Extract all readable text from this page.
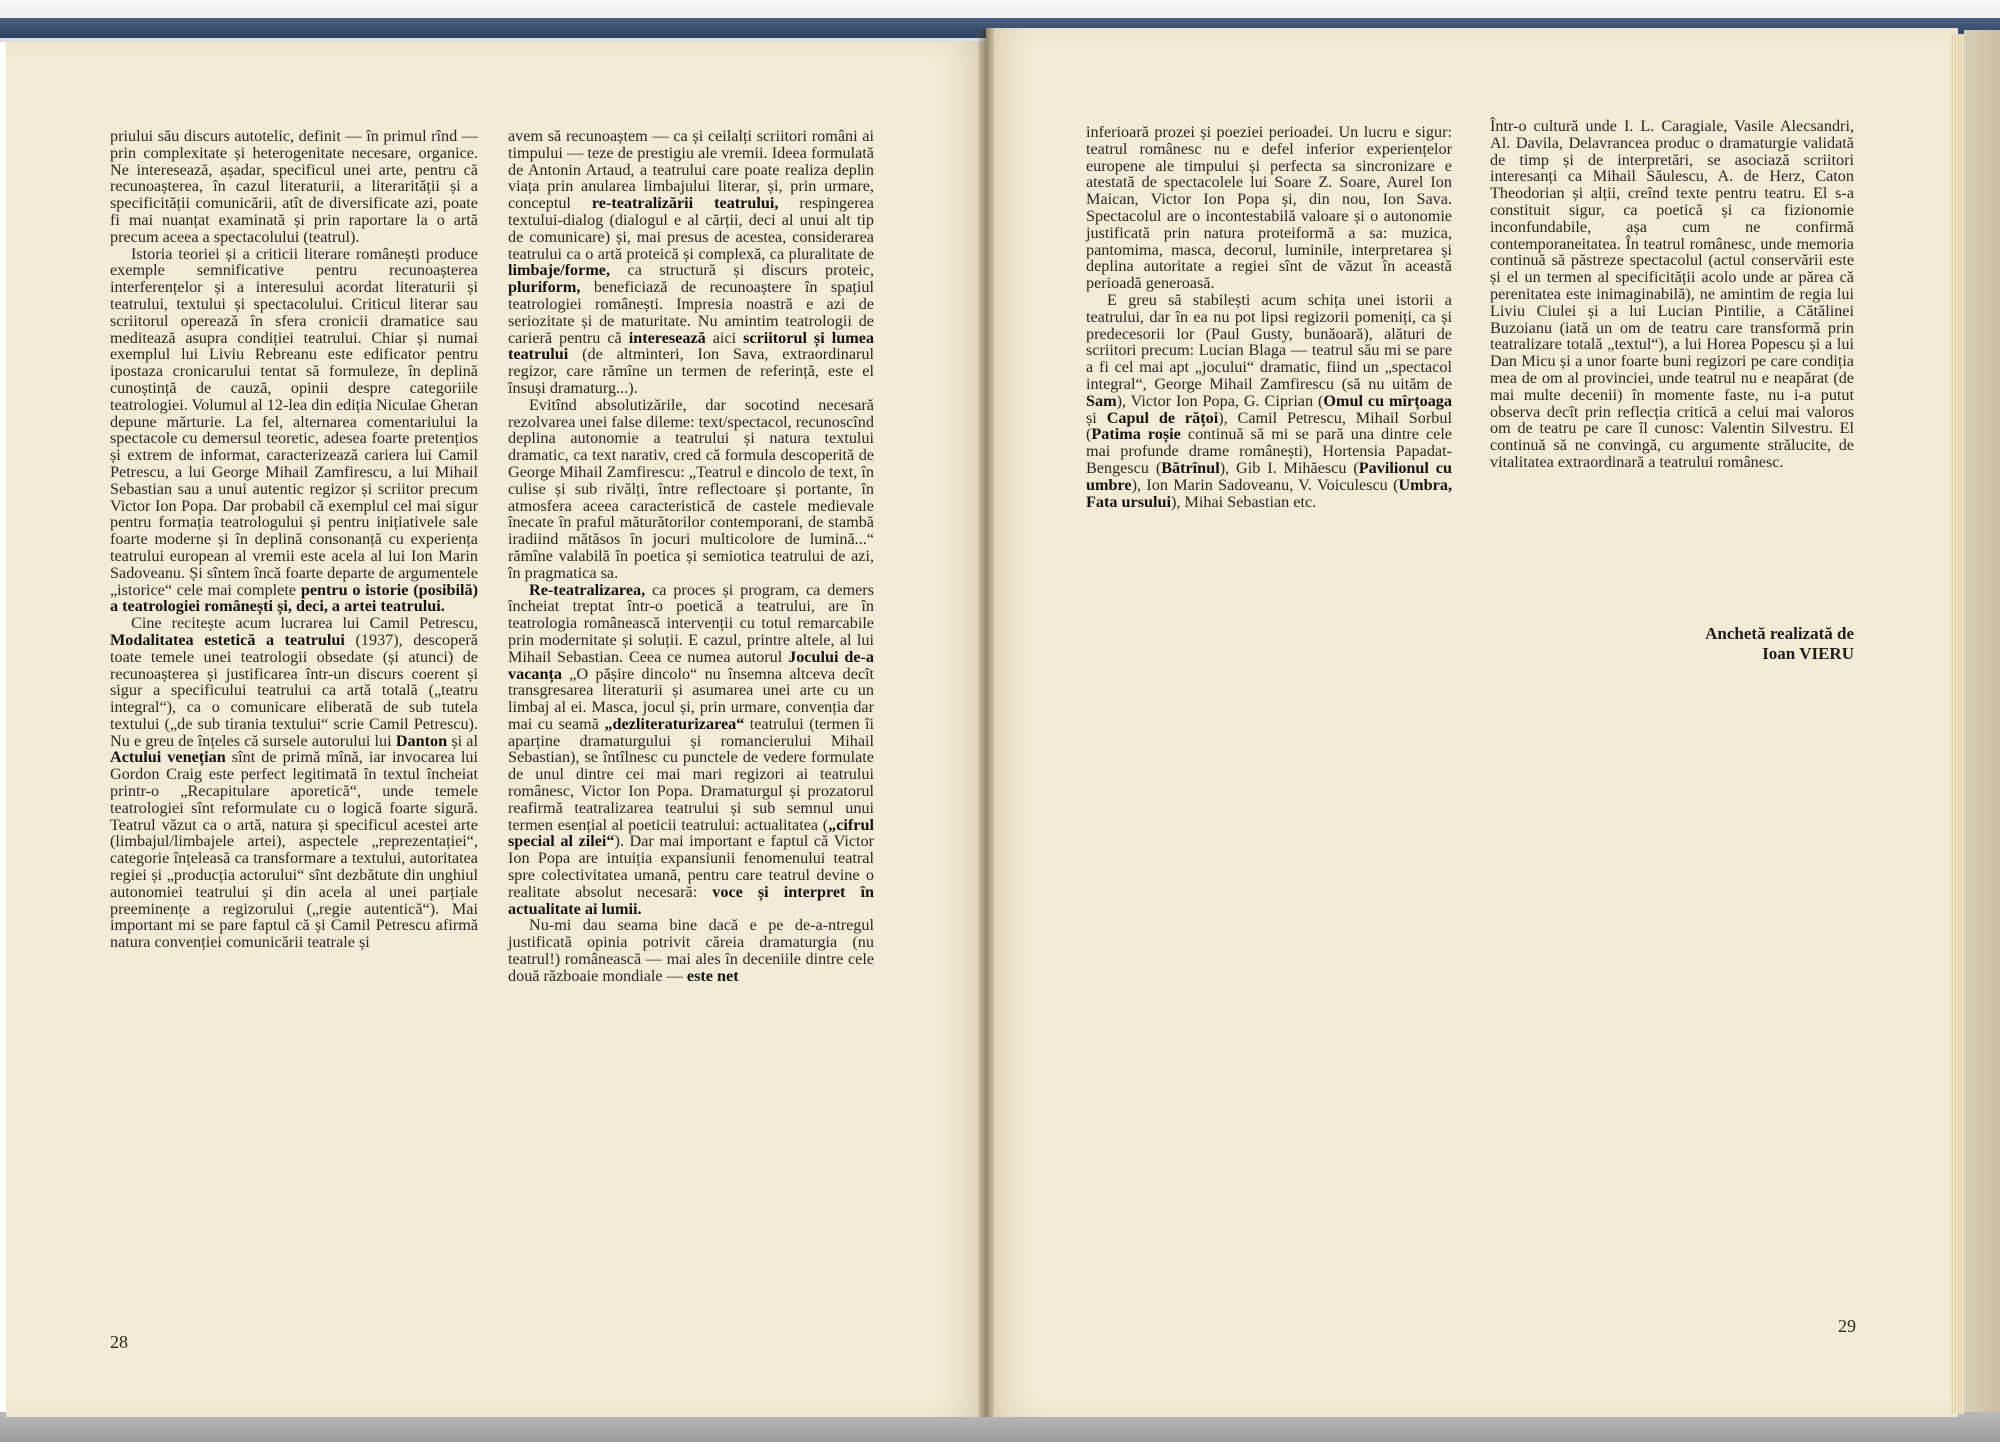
priului său discurs autotelic, definit — în primul rînd — prin complexitate și heterogenitate necesare, organice. Ne interesează, așadar, specificul unei arte, pentru că recunoașterea, în cazul literaturii, a literarității și a specificității comunicării, atît de diversificate azi, poate fi mai nuanțat examinată și prin raportare la o artă precum aceea a spectacolului (teatrul).

Istoria teoriei și a criticii literare românești produce exemple semnificative pentru recunoașterea interferențelor și a interesului acordat literaturii și teatrului, textului și spectacolului. Criticul literar sau scriitorul operează în sfera cronicii dramatice sau meditează asupra condiției teatrului. Chiar și numai exemplul lui Liviu Rebreanu este edificator pentru ipostaza cronicarului tentat să formuleze, în deplină cunoștință de cauză, opinii despre categoriile teatrologiei. Volumul al 12-lea din ediția Niculae Gheran depune mărturie. La fel, alternarea comentariului la spectacole cu demersul teoretic, adesea foarte pretențios și extrem de informat, caracterizează cariera lui Camil Petrescu, a lui George Mihail Zamfirescu, a lui Mihail Sebastian sau a unui autentic regizor și scriitor precum Victor Ion Popa. Dar probabil că exemplul cel mai sigur pentru formația teatrologului și pentru inițiativele sale foarte moderne și în deplină consonanță cu experiența teatrului european al vremii este acela al lui Ion Marin Sadoveanu. Și sîntem încă foarte departe de argumentele „istorice“ cele mai complete pentru o istorie (posibilă) a teatrologiei românești și, deci, a artei teatrului.

Cine recitește acum lucrarea lui Camil Petrescu, Modalitatea estetică a teatrului (1937), descoperă toate temele unei teatrologii obsedate (și atunci) de recunoașterea și justificarea într-un discurs coerent și sigur a specificului teatrului ca artă totală („teatru integral“), ca o comunicare eliberată de sub tutela textului („de sub tirania textului“ scrie Camil Petrescu). Nu e greu de înțeles că sursele autorului lui Danton și al Actului venețian sînt de primă mînă, iar invocarea lui Gordon Craig este perfect legitimată în textul încheiat printr-o „Recapitulare aporetică“, unde temele teatrologiei sînt reformulate cu o logică foarte sigură. Teatrul văzut ca o artă, natura și specificul acestei arte (limbajul/limbajele artei), aspectele „reprezentației“, categorie înțeleasă ca transformare a textului, autoritatea regiei și „producția actorului“ sînt dezbătute din unghiul autonomiei teatrului și din acela al unei parțiale preeminențe a regizorului („regie autentică“). Mai important mi se pare faptul că și Camil Petrescu afirmă natura convenției comunicării teatrale și

avem să recunoaștem — ca și ceilalți scriitori români ai timpului — teze de prestigiu ale vremii. Ideea formulată de Antonin Artaud, a teatrului care poate realiza deplin viața prin anularea limbajului literar, și, prin urmare, conceptul re-teatralizării teatrului, respingerea textului-dialog (dialogul e al cărții, deci al unui alt tip de comunicare) și, mai presus de acestea, considerarea teatrului ca o artă proteică și complexă, ca pluralitate de limbaje/forme, ca structură și discurs proteic, pluriform, beneficiază de recunoaștere în spațiul teatrologiei românești. Impresia noastră e azi de seriozitate și de maturitate. Nu amintim teatrologii de carieră pentru că interesează aici scriitorul și lumea teatrului (de altminteri, Ion Sava, extraordinarul regizor, care rămîne un termen de referință, este el însuși dramaturg...).

Evitînd absolutizările, dar socotind necesară rezolvarea unei false dileme: text/spectacol, recunoscînd deplina autonomie a teatrului și natura textului dramatic, ca text narativ, cred că formula descoperită de George Mihail Zamfirescu: „Teatrul e dincolo de text, în culise și sub rivălți, între reflectoare și portante, în atmosfera aceea caracteristică de castele medievale înecate în praful măturătorilor contemporani, de stambă iradiind mătăsos în jocuri multicolore de lumină...“ rămîne valabilă în poetica și semiotica teatrului de azi, în pragmatica sa.

Re-teatralizarea, ca proces și program, ca demers încheiat treptat într-o poetică a teatrului, are în teatrologia românească intervenții cu totul remarcabile prin modernitate și soluții. E cazul, printre altele, al lui Mihail Sebastian. Ceea ce numea autorul Jocului de-a vacanța „O pășire dincolo“ nu însemna altceva decît transgresarea literaturii și asumarea unei arte cu un limbaj al ei. Masca, jocul și, prin urmare, convenția dar mai cu seamă „dezliteraturizarea“ teatrului (termen îi aparține dramaturgului și romancierului Mihail Sebastian), se întîlnesc cu punctele de vedere formulate de unul dintre cei mai mari regizori ai teatrului românesc, Victor Ion Popa. Dramaturgul și prozatorul reafirmă teatralizarea teatrului și sub semnul unui termen esențial al poeticii teatrului: actualitatea („cifrul special al zilei“). Dar mai important e faptul că Victor Ion Popa are intuiția expansiunii fenomenului teatral spre colectivitatea umană, pentru care teatrul devine o realitate absolut necesară: voce și interpret în actualitate ai lumii.

Nu-mi dau seama bine dacă e pe de-a-ntregul justificată opinia potrivit căreia dramaturgia (nu teatrul!) românească — mai ales în deceniile dintre cele două războaie mondiale — este net

28

inferioară prozei și poeziei perioadei. Un lucru e sigur: teatrul românesc nu e defel inferior experiențelor europene ale timpului și perfecta sa sincronizare e atestată de spectacolele lui Soare Z. Soare, Aurel Ion Maican, Victor Ion Popa și, din nou, Ion Sava. Spectacolul are o incontestabilă valoare și o autonomie justificată prin natura proteiformă a sa: muzica, pantomima, masca, decorul, luminile, interpretarea și deplina autoritate a regiei sînt de văzut în această perioadă generoasă.

E greu să stabilești acum schița unei istorii a teatrului, dar în ea nu pot lipsi regizorii pomeniți, ca și predecesorii lor (Paul Gusty, bunăoară), alături de scriitori precum: Lucian Blaga — teatrul său mi se pare a fi cel mai apt „jocului“ dramatic, fiind un „spectacol integral“, George Mihail Zamfirescu (să nu uităm de Sam), Victor Ion Popa, G. Ciprian (Omul cu mîrțoaga și Capul de rățoi), Camil Petrescu, Mihail Sorbul (Patima roșie continuă să mi se pară una dintre cele mai profunde drame românești), Hortensia Papadat-Bengescu (Bătrînul), Gib I. Mihăescu (Pavilionul cu umbre), Ion Marin Sadoveanu, V. Voiculescu (Umbra, Fata ursului), Mihai Sebastian etc.

Într-o cultură unde I. L. Caragiale, Vasile Alecsandri, Al. Davila, Delavrancea produc o dramaturgie validată de timp și de interpretări, se asociază scriitori interesanți ca Mihail Săulescu, A. de Herz, Caton Theodorian și alții, creînd texte pentru teatru. El s-a constituit sigur, ca poetică și ca fizionomie inconfundabile, așa cum ne confirmă contemporaneitatea. În teatrul românesc, unde memoria continuă să păstreze spectacolul (actul conservării este și el un termen al specificității acolo unde ar părea că perenitatea este inimaginabilă), ne amintim de regia lui Liviu Ciulei și a lui Lucian Pintilie, a Cătălinei Buzoianu (iată un om de teatru care transformă prin teatralizare totală „textul“), a lui Horea Popescu și a lui Dan Micu și a unor foarte buni regizori pe care condiția mea de om al provinciei, unde teatrul nu e neapărat (de mai multe decenii) în momente faste, nu i-a putut observa decît prin reflecția critică a celui mai valoros om de teatru pe care îl cunosc: Valentin Silvestru. El continuă să ne convingă, cu argumente strălucite, de vitalitatea extraordinară a teatrului românesc.

Anchetă realizată de
Ioan VIERU
29
